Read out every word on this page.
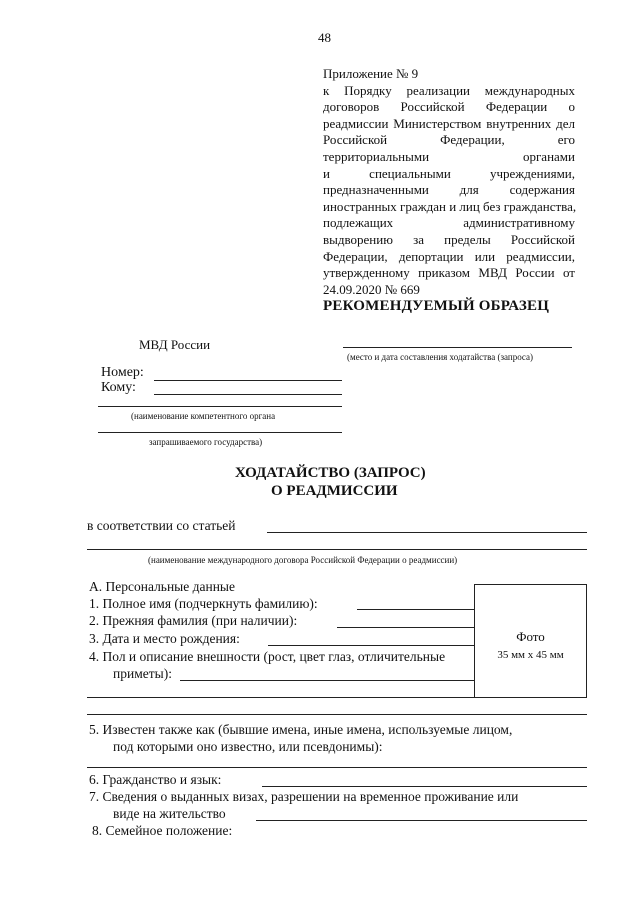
48
Приложение № 9
к Порядку реализации международных
договоров Российской Федерации о
реадмиссии Министерством внутренних дел
Российской Федерации, его
территориальными органами
и специальными учреждениями,
предназначенными для содержания
иностранных граждан и лиц без гражданства,
подлежащих административному
выдворению за пределы Российской
Федерации, депортации или реадмиссии,
утвержденному приказом МВД России от
24.09.2020 № 669
РЕКОМЕНДУЕМЫЙ ОБРАЗЕЦ
МВД России
(место и дата составления ходатайства (запроса)
Номер:
Кому:
(наименование компетентного органа
запрашиваемого государства)
ХОДАТАЙСТВО (ЗАПРОС)
О РЕАДМИССИИ
в соответствии со статьей
(наименование международного договора Российской Федерации о реадмиссии)
А. Персональные данные
1. Полное имя (подчеркнуть фамилию):
2. Прежняя фамилия (при наличии):
3. Дата и место рождения:
4. Пол и описание внешности (рост, цвет глаз, отличительные
приметы):
Фото
35 мм х 45 мм
5. Известен также как (бывшие имена, иные имена, используемые лицом,
под которыми оно известно, или псевдонимы):
6. Гражданство и язык:
7. Сведения о выданных визах, разрешении на временное проживание или
виде на жительство
8. Семейное положение:
